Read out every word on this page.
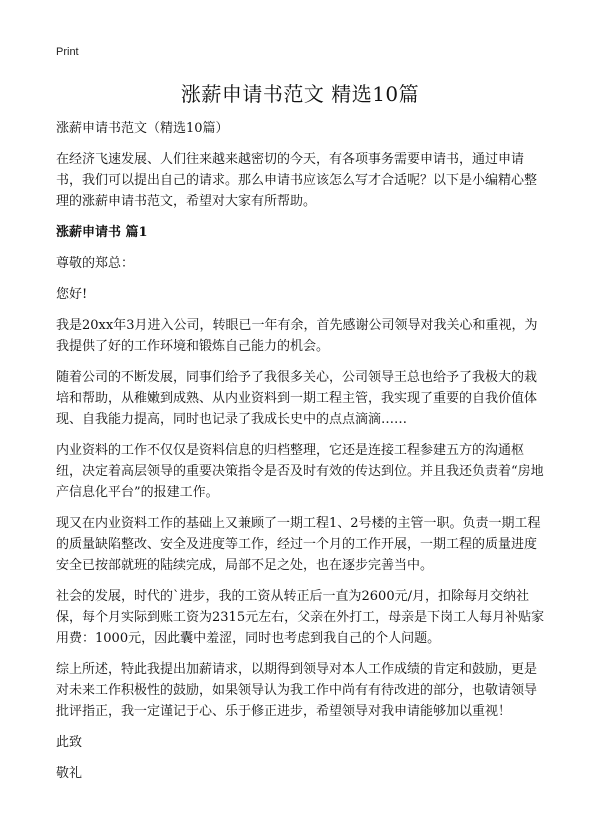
Print
涨薪申请书范文 精选10篇

涨薪申请书范文（精选10篇）

在经济飞速发展、人们往来越来越密切的今天，有各项事务需要申请书，通过申请书，我们可以提出自己的请求。那么申请书应该怎么写才合适呢？以下是小编精心整理的涨薪申请书范文，希望对大家有所帮助。

涨薪申请书 篇1

尊敬的郑总：

您好!

我是20xx年3月进入公司，转眼已一年有余，首先感谢公司领导对我关心和重视，为我提供了好的工作环境和锻炼自己能力的机会。

随着公司的不断发展，同事们给予了我很多关心，公司领导王总也给予了我极大的栽培和帮助，从稚嫩到成熟、从内业资料到一期工程主管，我实现了重要的自我价值体现、自我能力提高，同时也记录了我成长史中的点点滴滴……

内业资料的工作不仅仅是资料信息的归档整理，它还是连接工程参建五方的沟通枢纽，决定着高层领导的重要决策指令是否及时有效的传达到位。并且我还负责着“房地产信息化平台”的报建工作。

现又在内业资料工作的基础上又兼顾了一期工程1、2号楼的主管一职。负责一期工程的质量缺陷整改、安全及进度等工作，经过一个月的工作开展，一期工程的质量进度安全已按部就班的陆续完成，局部不足之处，也在逐步完善当中。

社会的发展，时代的`进步，我的工资从转正后一直为2600元/月，扣除每月交纳社保，每个月实际到账工资为2315元左右，父亲在外打工，母亲是下岗工人每月补贴家用费：1000元，因此囊中羞涩，同时也考虑到我自己的个人问题。

综上所述，特此我提出加薪请求，以期得到领导对本人工作成绩的肯定和鼓励，更是对未来工作积极性的鼓励，如果领导认为我工作中尚有有待改进的部分，也敬请领导批评指正，我一定谨记于心、乐于修正进步，希望领导对我申请能够加以重视！

此致

敬礼
